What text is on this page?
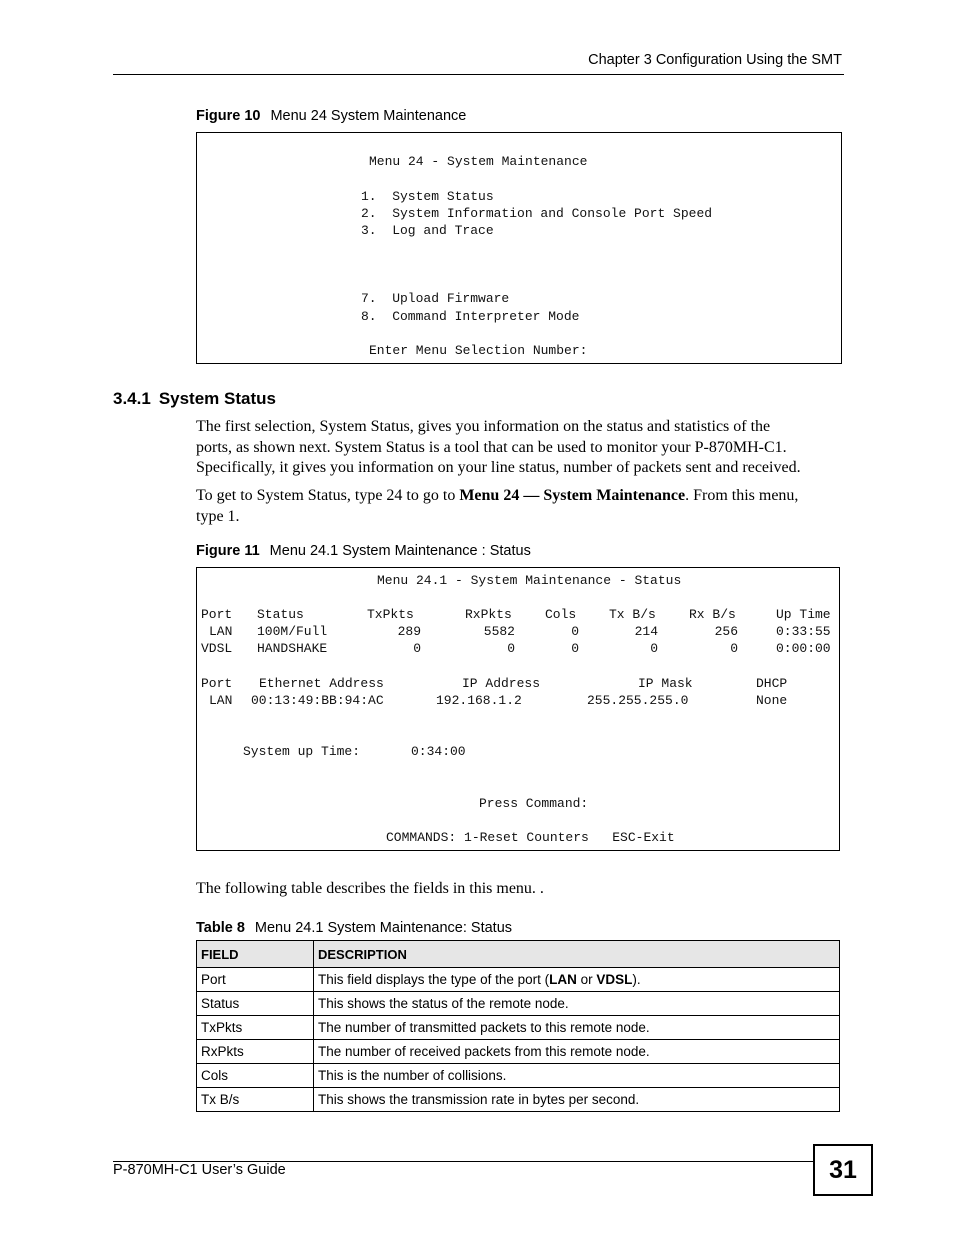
Chapter 3 Configuration Using the SMT
Figure 10 Menu 24 System Maintenance
Menu 24 - System Maintenance
1.  System Status
2.  System Information and Console Port Speed
3.  Log and Trace
7.  Upload Firmware
8.  Command Interpreter Mode
Enter Menu Selection Number:
3.4.1 System Status
The first selection, System Status, gives you information on the status and statistics of the
ports, as shown next. System Status is a tool that can be used to monitor your P-870MH-C1.
Specifically, it gives you information on your line status, number of packets sent and received.
To get to System Status, type 24 to go to Menu 24 — System Maintenance. From this menu,
type 1.
Figure 11 Menu 24.1 System Maintenance : Status
Menu 24.1 - System Maintenance - Status
Port Status	TxPkts	RxPkts	Cols	Tx B/s	Rx B/s	Up Time
LAN 100M/Full	289	5582	0	214	256	0:33:55
VDSL HANDSHAKE	0	0	0	0	0	0:00:00
Port Ethernet Address	IP Address	IP Mask	DHCP
LAN 00:13:49:BB:94:AC	192.168.1.2	255.255.255.0	None
System up Time:	0:34:00
Press Command:
COMMANDS: 1-Reset Counters   ESC-Exit
The following table describes the fields in this menu. .
Table 8 Menu 24.1 System Maintenance: Status
FIELD	DESCRIPTION
Port	This field displays the type of the port (LAN or VDSL).
Status	This shows the status of the remote node.
TxPkts	The number of transmitted packets to this remote node.
RxPkts	The number of received packets from this remote node.
Cols	This is the number of collisions.
Tx B/s	This shows the transmission rate in bytes per second.
P-870MH-C1 User’s Guide	31
